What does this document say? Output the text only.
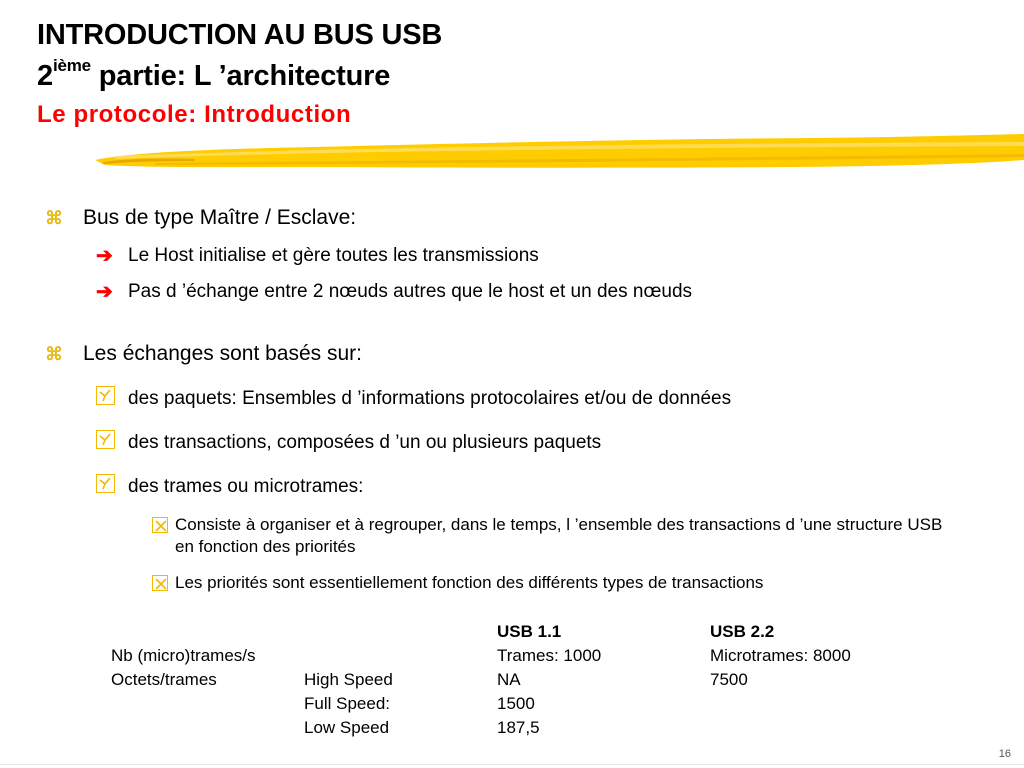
INTRODUCTION AU BUS USB
2ième partie: L ’architecture
Le protocole: Introduction
⌘ Bus de type Maître / Esclave:
➔ Le Host initialise et gère toutes les transmissions
➔ Pas d ’échange entre 2 nœuds autres que le host et un des nœuds
⌘ Les échanges sont basés sur:
des paquets: Ensembles d ’informations protocolaires et/ou de données
des transactions, composées d ’un ou plusieurs paquets
des trames ou microtrames:
Consiste à organiser et à regrouper, dans le temps, l ’ensemble des transactions d ’une structure USB en fonction des priorités
Les priorités sont essentiellement fonction des différents types de transactions
		USB 1.1	USB 2.2
Nb (micro)trames/s		Trames: 1000	Microtrames: 8000
Octets/trames	High Speed	NA	7500
	Full Speed:	1500	
	Low Speed	187,5	
16
